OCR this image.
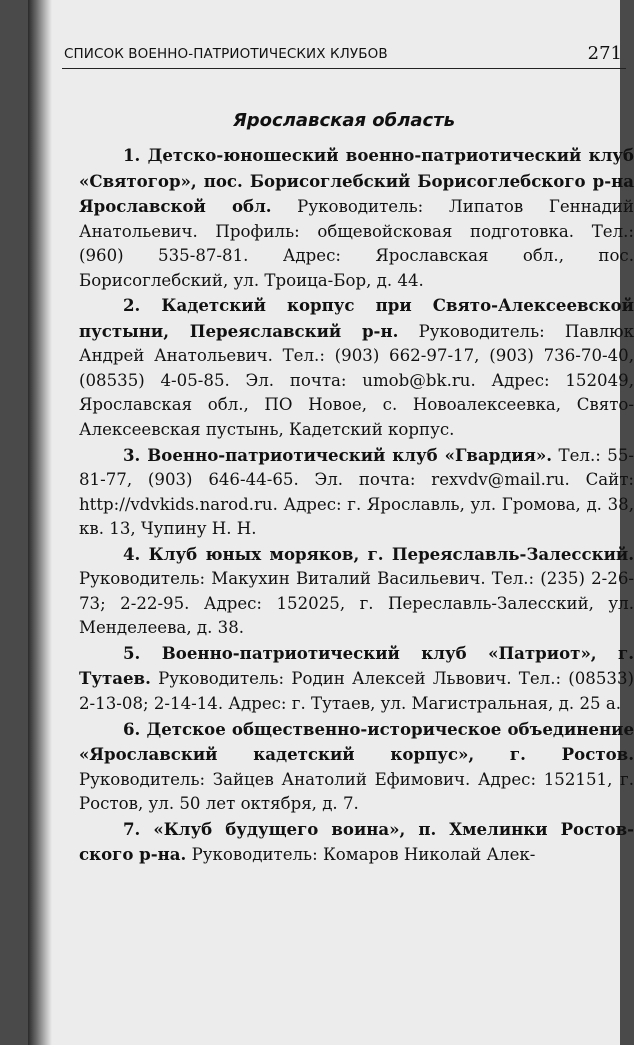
СПИСОК ВОЕННО-ПАТРИОТИЧЕСКИХ КЛУБОВ	271
Ярославская область

1. Детско-юношеский военно-патриотический клуб «Святогор», пос. Борисоглебский Борисоглебского р-на Ярославской обл. Руководитель: Липатов Геннадий Анатольевич. Профиль: общевойсковая подготовка. Тел.: (960) 535-87-81. Адрес: Ярославская обл., пос. Борисоглебский, ул. Троица-Бор, д. 44.

2. Кадетский корпус при Свято-Алексеевской пустыни, Переяславский р-н. Руководитель: Павлюк Андрей Анатольевич. Тел.: (903) 662-97-17, (903) 736-70-40, (08535) 4-05-85. Эл. почта: umob@bk.ru. Адрес: 152049, Ярославская обл., ПО Новое, с. Новоалексеевка, Свято-Алексеевская пустынь, Кадетский корпус.

3. Военно-патриотический клуб «Гвардия». Тел.: 55-81-77, (903) 646-44-65. Эл. почта: rexvdv@mail.ru. Сайт: http://vdvkids.narod.ru. Адрес: г. Ярославль, ул. Громова, д. 38, кв. 13, Чупину Н. Н.

4. Клуб юных моряков, г. Переяславль-Залесский. Руководитель: Макухин Виталий Васильевич. Тел.: (235) 2-26-73; 2-22-95. Адрес: 152025, г. Переславль-Залесский, ул. Менделеева, д. 38.

5. Военно-патриотический клуб «Патриот», г. Тутаев. Руководитель: Родин Алексей Львович. Тел.: (08533) 2-13-08; 2-14-14. Адрес: г. Тутаев, ул. Магистральная, д. 25 а.

6. Детское общественно-историческое объединение «Ярославский кадетский корпус», г. Ростов. Руководитель: Зайцев Анатолий Ефимович. Адрес: 152151, г. Ростов, ул. 50 лет октября, д. 7.

7. «Клуб будущего воина», п. Хмелинки Ростовского р-на. Руководитель: Комаров Николай Алек-
